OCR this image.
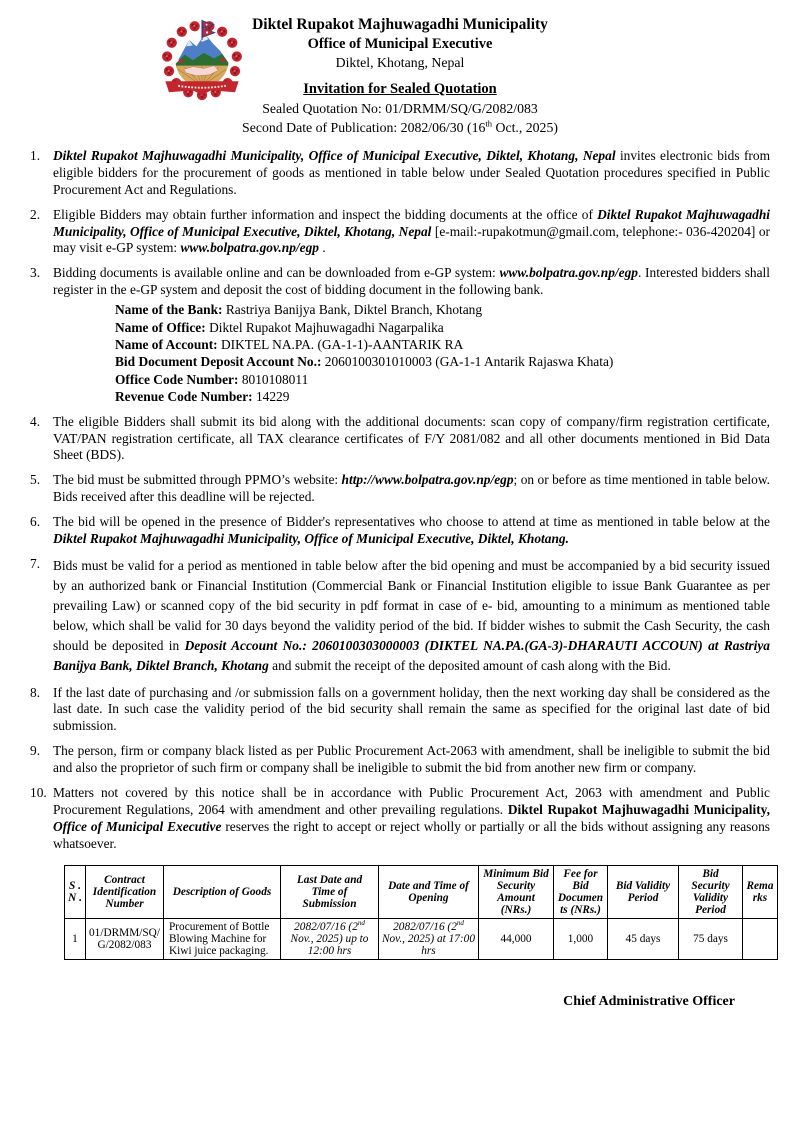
Diktel Rupakot Majhuwagadhi Municipality
Office of Municipal Executive
Diktel, Khotang, Nepal
Invitation for Sealed Quotation
Sealed Quotation No: 01/DRMM/SQ/G/2082/083
Second Date of Publication: 2082/06/30 (16th Oct., 2025)
1. Diktel Rupakot Majhuwagadhi Municipality, Office of Municipal Executive, Diktel, Khotang, Nepal invites electronic bids from eligible bidders for the procurement of goods as mentioned in table below under Sealed Quotation procedures specified in Public Procurement Act and Regulations.
2. Eligible Bidders may obtain further information and inspect the bidding documents at the office of Diktel Rupakot Majhuwagadhi Municipality, Office of Municipal Executive, Diktel, Khotang, Nepal [e-mail:-rupakotmun@gmail.com, telephone:- 036-420204] or may visit e-GP system: www.bolpatra.gov.np/egp .
3. Bidding documents is available online and can be downloaded from e-GP system: www.bolpatra.gov.np/egp. Interested bidders shall register in the e-GP system and deposit the cost of bidding document in the following bank.
Name of the Bank: Rastriya Banijya Bank, Diktel Branch, Khotang
Name of Office: Diktel Rupakot Majhuwagadhi Nagarpalika
Name of Account: DIKTEL NA.PA. (GA-1-1)-AANTARIK RA
Bid Document Deposit Account No.: 2060100301010003 (GA-1-1 Antarik Rajaswa Khata)
Office Code Number: 8010108011
Revenue Code Number: 14229
4. The eligible Bidders shall submit its bid along with the additional documents: scan copy of company/firm registration certificate, VAT/PAN registration certificate, all TAX clearance certificates of F/Y 2081/082 and all other documents mentioned in Bid Data Sheet (BDS).
5. The bid must be submitted through PPMO’s website: http://www.bolpatra.gov.np/egp; on or before as time mentioned in table below. Bids received after this deadline will be rejected.
6. The bid will be opened in the presence of Bidder's representatives who choose to attend at time as mentioned in table below at the Diktel Rupakot Majhuwagadhi Municipality, Office of Municipal Executive, Diktel, Khotang.
7. Bids must be valid for a period as mentioned in table below after the bid opening and must be accompanied by a bid security issued by an authorized bank or Financial Institution (Commercial Bank or Financial Institution eligible to issue Bank Guarantee as per prevailing Law) or scanned copy of the bid security in pdf format in case of e- bid, amounting to a minimum as mentioned table below, which shall be valid for 30 days beyond the validity period of the bid. If bidder wishes to submit the Cash Security, the cash should be deposited in Deposit Account No.: 2060100303000003 (DIKTEL NA.PA.(GA-3)-DHARAUTI ACCOUN) at Rastriya Banijya Bank, Diktel Branch, Khotang and submit the receipt of the deposited amount of cash along with the Bid.
8. If the last date of purchasing and /or submission falls on a government holiday, then the next working day shall be considered as the last date. In such case the validity period of the bid security shall remain the same as specified for the original last date of bid submission.
9. The person, firm or company black listed as per Public Procurement Act-2063 with amendment, shall be ineligible to submit the bid and also the proprietor of such firm or company shall be ineligible to submit the bid from another new firm or company.
10. Matters not covered by this notice shall be in accordance with Public Procurement Act, 2063 with amendment and Public Procurement Regulations, 2064 with amendment and other prevailing regulations. Diktel Rupakot Majhuwagadhi Municipality, Office of Municipal Executive reserves the right to accept or reject wholly or partially or all the bids without assigning any reasons whatsoever.
S . N .	Contract Identification Number	Description of Goods	Last Date and Time of Submission	Date and Time of Opening	Minimum Bid Security Amount (NRs.)	Fee for Bid Documents (NRs.)	Bid Validity Period	Bid Security Validity Period	Remarks
1	01/DRMM/SQ/G/2082/083	Procurement of Bottle Blowing Machine for Kiwi juice packaging.	2082/07/16 (2nd Nov., 2025) up to 12:00 hrs	2082/07/16 (2nd Nov., 2025) at 17:00 hrs	44,000	1,000	45 days	75 days	
Chief Administrative Officer
